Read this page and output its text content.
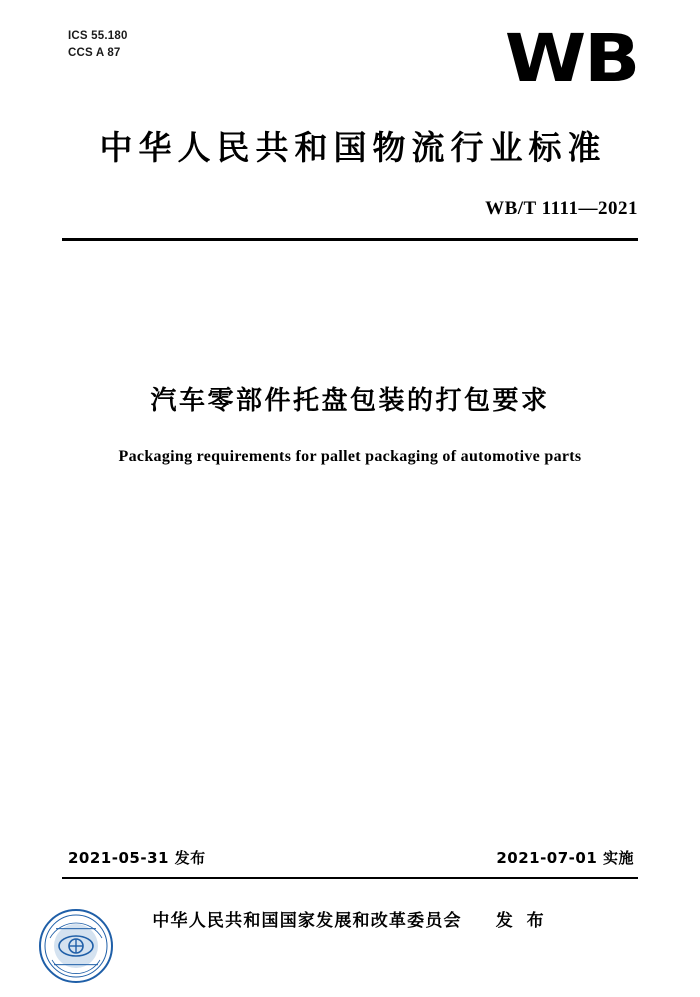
ICS 55.180
CCS A 87	WB
中华人民共和国物流行业标准
WB/T 1111—2021
汽车零部件托盘包装的打包要求
Packaging requirements for pallet packaging of automotive parts
2021-05-31 发布	2021-07-01 实施
中华人民共和国国家发展和改革委员会 发 布
